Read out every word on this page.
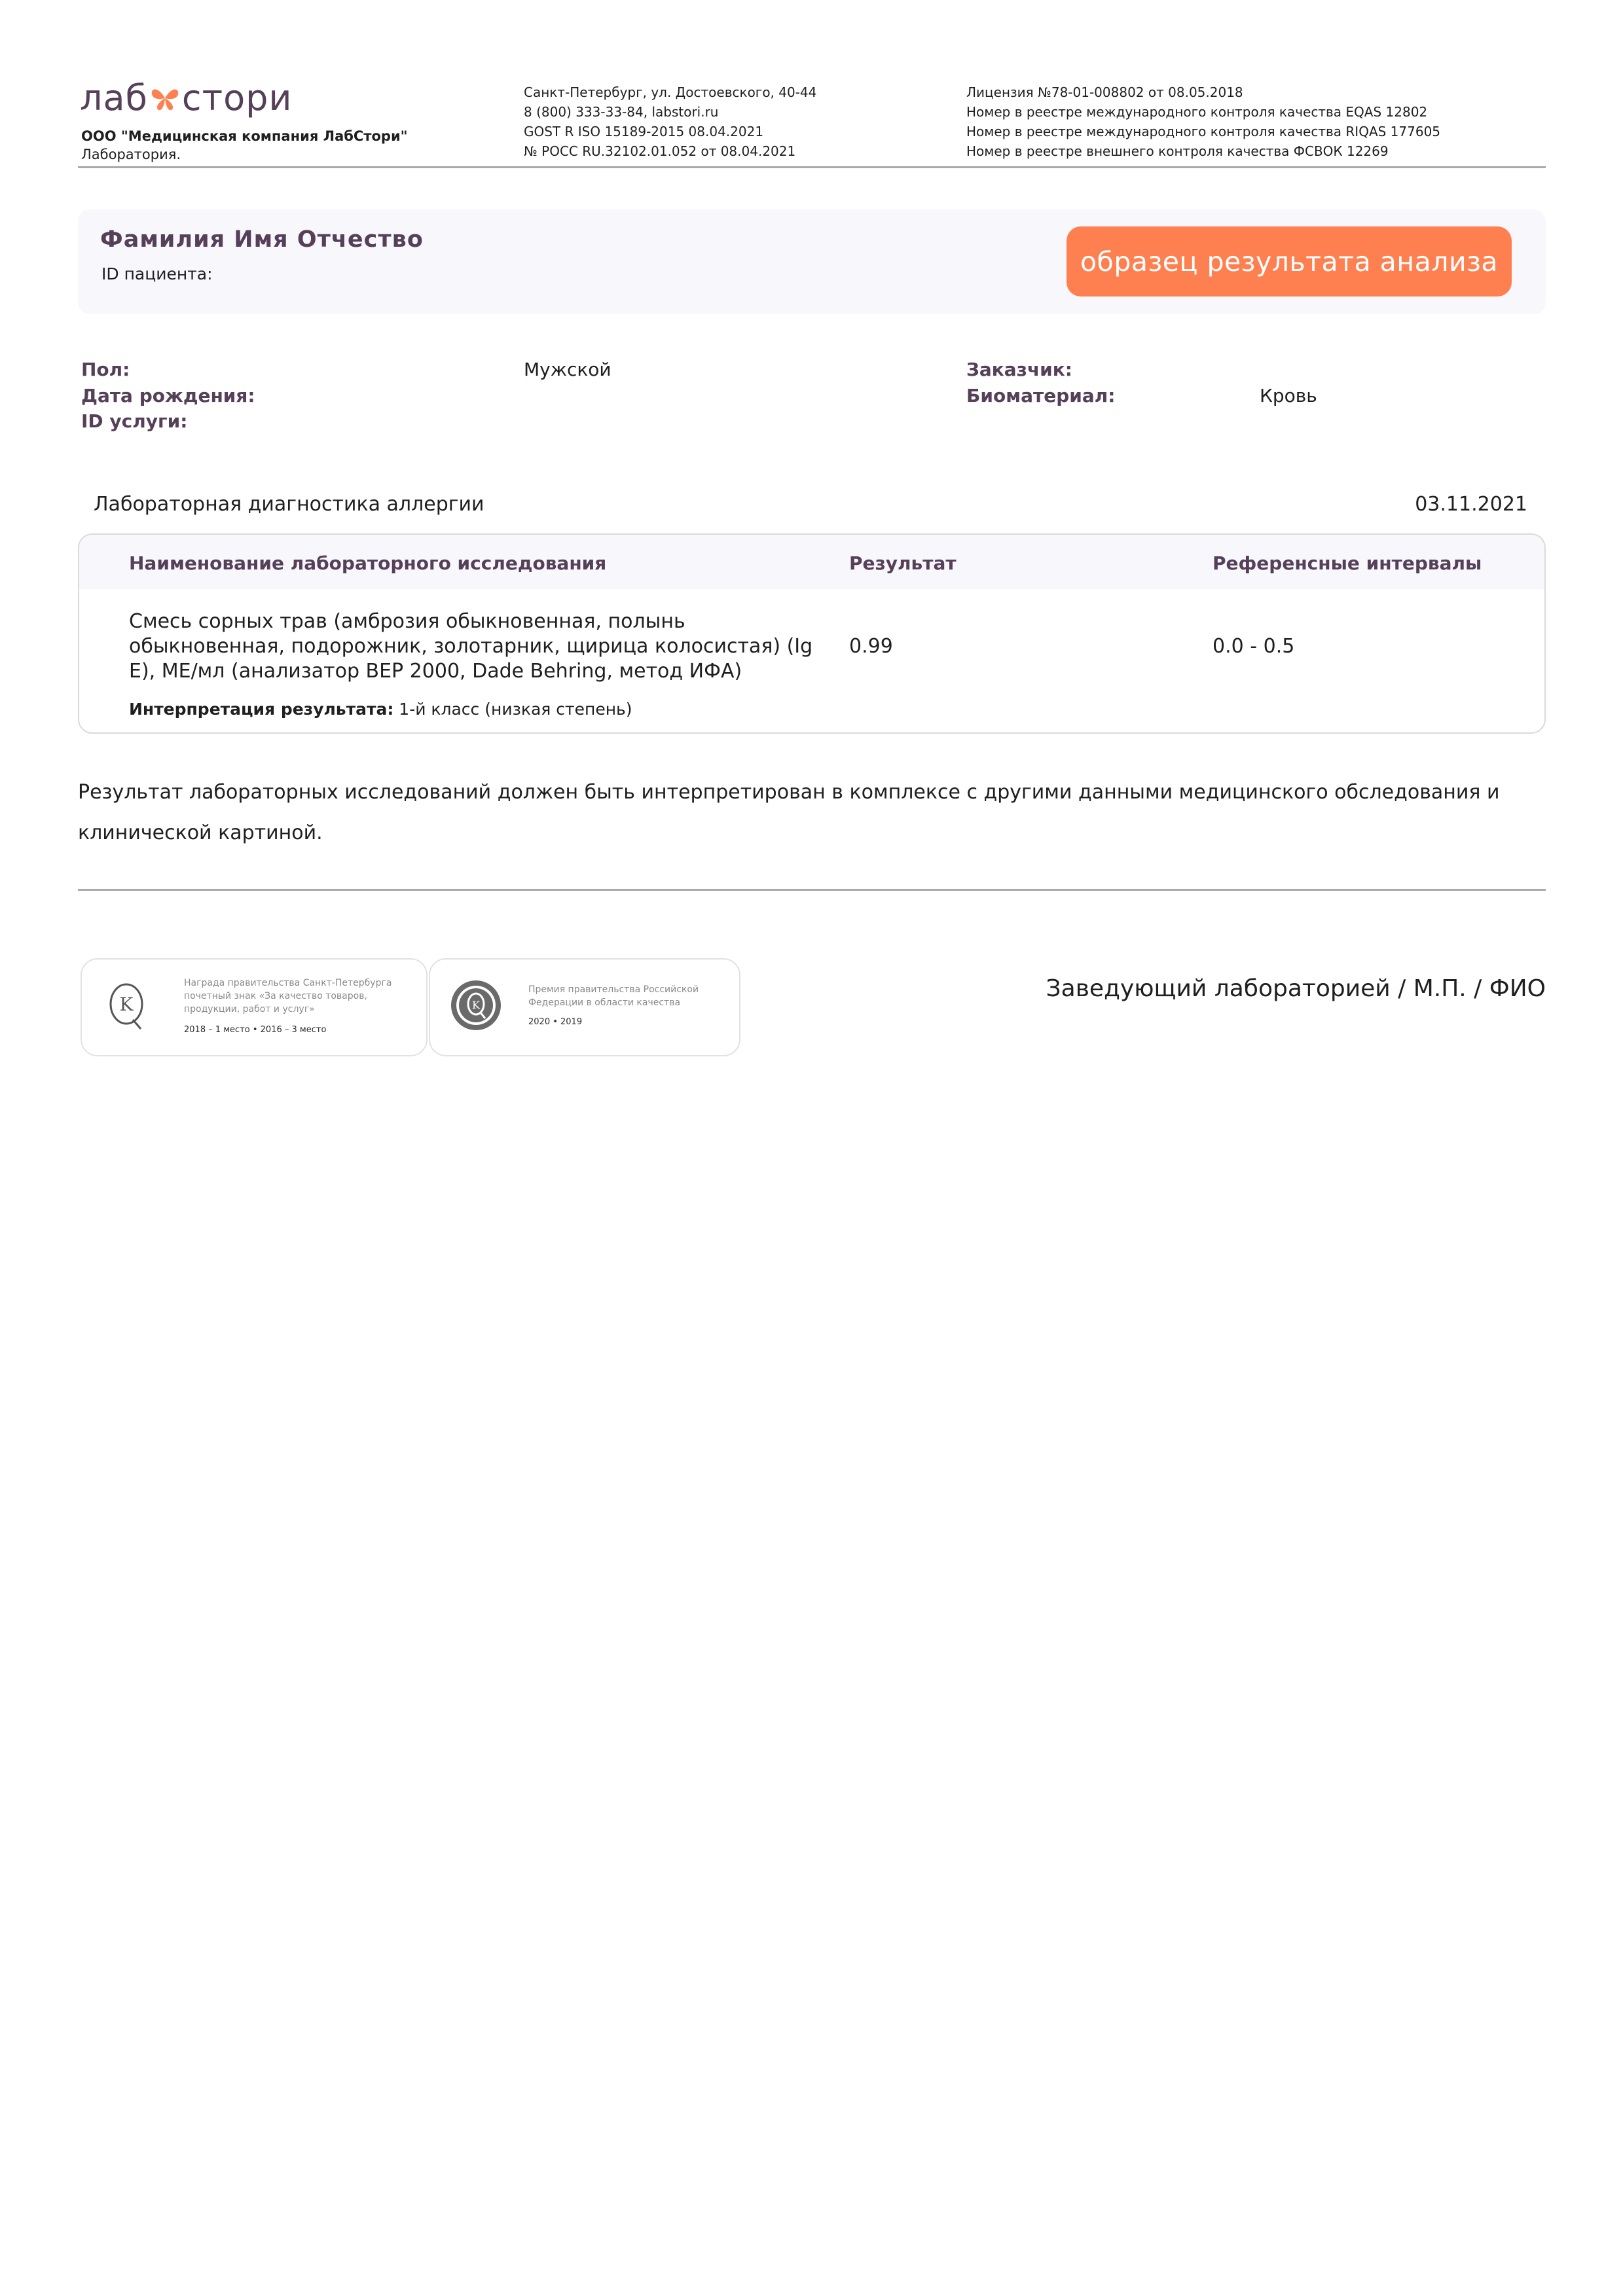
лаб стори
ООО "Медицинская компания ЛабСтори"
Лаборатория.
Санкт-Петербург, ул. Достоевского, 40-44
8 (800) 333-33-84, labstori.ru
GOST R ISO 15189-2015 08.04.2021
№ РОСС RU.32102.01.052 от 08.04.2021
Лицензия №78-01-008802 от 08.05.2018
Номер в реестре международного контроля качества EQAS 12802
Номер в реестре международного контроля качества RIQAS 177605
Номер в реестре внешнего контроля качества ФСВОК 12269
Фамилия Имя Отчество
ID пациента:	образец результата анализа
Пол:	Мужской
Дата рождения:
ID услуги:
Заказчик:
Биоматериал:	Кровь
Лабораторная диагностика аллергии	03.11.2021
Наименование лабораторного исследования	Результат	Референсные интервалы
Смесь сорных трав (амброзия обыкновенная, полынь
обыкновенная, подорожник, золотарник, щирица колосистая) (Ig
E), МЕ/мл (анализатор BEP 2000, Dade Behring, метод ИФА)
0.99	0.0 - 0.5
Интерпретация результата: 1-й класс (низкая степень)
Результат лабораторных исследований должен быть интерпретирован в комплексе с другими данными медицинского обследования и
клинической картиной.
K
Награда правительства Санкт-Петербурга
почетный знак «За качество товаров,
продукции, работ и услуг»
2018 – 1 место • 2016 – 3 место
K
Премия правительства Российской
Федерации в области качества
2020 • 2019
Заведующий лабораторией / М.П. / ФИО
